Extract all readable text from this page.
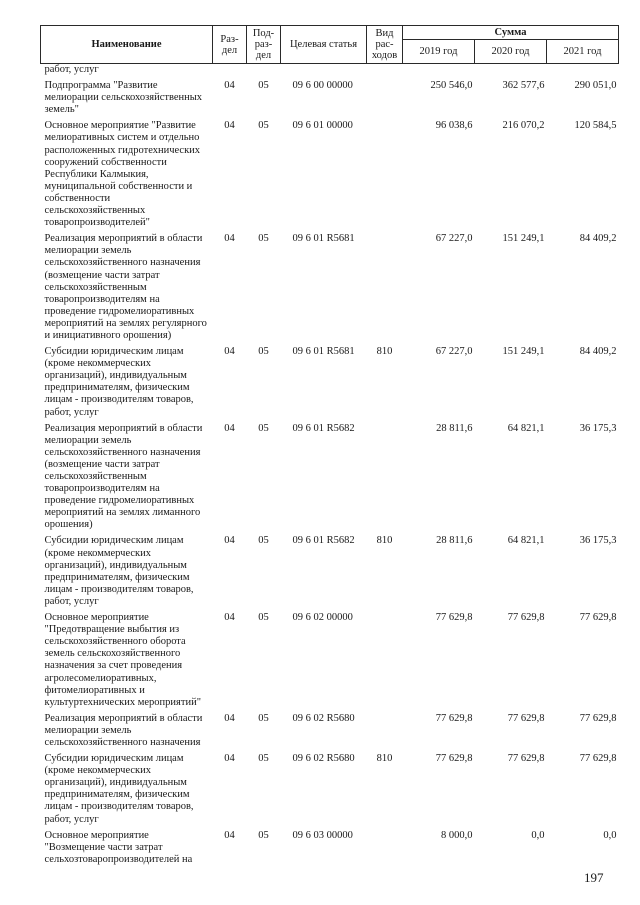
Наименование	Раз-дел	Под-раз-дел	Целевая статья	Вид рас-ходов	Сумма		
					2019 год	2020 год	2021 год
работ, услуг							
Подпрограмма "Развитие мелиорации сельскохозяйственных земель"	04	05	09 6 00 00000		250 546,0	362 577,6	290 051,0
Основное мероприятие "Развитие мелиоративных систем и отдельно расположенных гидротехнических сооружений собственности Республики Калмыкия, муниципальной собственности и собственности сельскохозяйственных товаропроизводителей"	04	05	09 6 01 00000		96 038,6	216 070,2	120 584,5
Реализация мероприятий в области мелиорации земель сельскохозяйственного назначения (возмещение части затрат сельскохозяйственным товаропроизводителям на проведение гидромелиоративных мероприятий на землях регулярного и инициативного орошения)	04	05	09 6 01 R5681		67 227,0	151 249,1	84 409,2
Субсидии юридическим лицам (кроме некоммерческих организаций), индивидуальным предпринимателям, физическим лицам - производителям товаров, работ, услуг	04	05	09 6 01 R5681	810	67 227,0	151 249,1	84 409,2
Реализация мероприятий в области мелиорации земель сельскохозяйственного назначения (возмещение части затрат сельскохозяйственным товаропроизводителям на проведение гидромелиоративных мероприятий на землях лиманного орошения)	04	05	09 6 01 R5682		28 811,6	64 821,1	36 175,3
Субсидии юридическим лицам (кроме некоммерческих организаций), индивидуальным предпринимателям, физическим лицам - производителям товаров, работ, услуг	04	05	09 6 01 R5682	810	28 811,6	64 821,1	36 175,3
Основное мероприятие "Предотвращение выбытия из сельскохозяйственного оборота земель сельскохозяйственного назначения за счет проведения агролесомелиоративных, фитомелиоративных и культуртехнических мероприятий"	04	05	09 6 02 00000		77 629,8	77 629,8	77 629,8
Реализация мероприятий в области мелиорации земель сельскохозяйственного назначения	04	05	09 6 02 R5680		77 629,8	77 629,8	77 629,8
Субсидии юридическим лицам (кроме некоммерческих организаций), индивидуальным предпринимателям, физическим лицам - производителям товаров, работ, услуг	04	05	09 6 02 R5680	810	77 629,8	77 629,8	77 629,8
Основное мероприятие "Возмещение части затрат сельхозтоваропроизводителей на	04	05	09 6 03 00000		8 000,0	0,0	0,0
197
